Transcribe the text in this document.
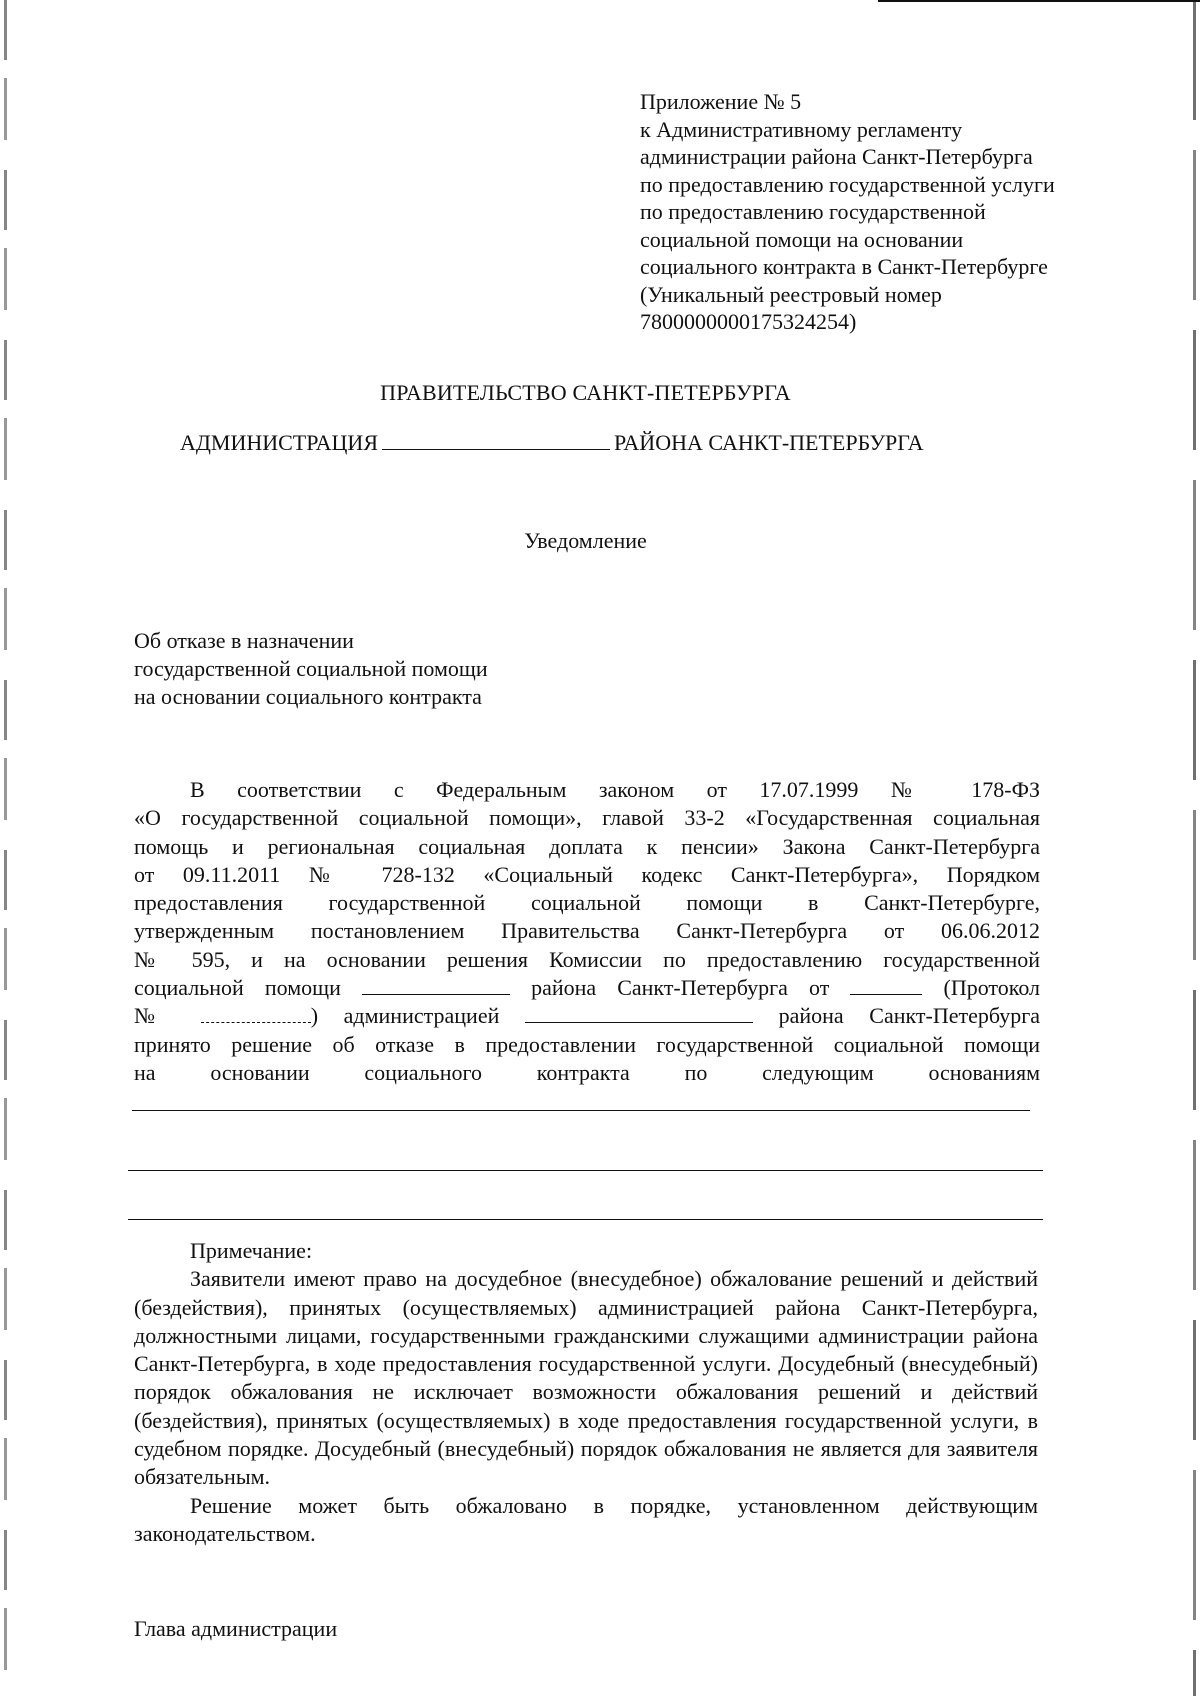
Приложение № 5
к Административному регламенту
администрации района Санкт-Петербурга
по предоставлению государственной услуги
по предоставлению государственной
социальной помощи на основании
социального контракта в Санкт-Петербурге
(Уникальный реестровый номер
7800000000175324254)
ПРАВИТЕЛЬСТВО САНКТ-ПЕТЕРБУРГА
АДМИНИСТРАЦИЯ	РАЙОНА САНКТ-ПЕТЕРБУРГА
Уведомление
Об отказе в назначении
государственной социальной помощи
на основании социального контракта

В соответствии с Федеральным законом от 17.07.1999 № 178-ФЗ

«О государственной социальной помощи», главой 33-2 «Государственная социальная

помощь и региональная социальная доплата к пенсии» Закона Санкт-Петербурга

от 09.11.2011 № 728-132 «Социальный кодекс Санкт-Петербурга», Порядком

предоставления государственной социальной помощи в Санкт-Петербурге,

утвержденным постановлением Правительства Санкт-Петербурга от 06.06.2012

№ 595, и на основании решения Комиссии по предоставлению государственной

социальной помощи	района Санкт-Петербурга от	(Протокол

№	) администрацией	района Санкт-Петербурга

принято решение об отказе в предоставлении государственной социальной помощи

на основании социального контракта по следующим основаниям

Примечание:

Заявители имеют право на досудебное (внесудебное) обжалование решений и действий (бездействия), принятых (осуществляемых) администрацией района Санкт-Петербурга, должностными лицами, государственными гражданскими служащими администрации района Санкт-Петербурга, в ходе предоставления государственной услуги. Досудебный (внесудебный) порядок обжалования не исключает возможности обжалования решений и действий (бездействия), принятых (осуществляемых) в ходе предоставления государственной услуги, в судебном порядке. Досудебный (внесудебный) порядок обжалования не является для заявителя обязательным.

Решение может быть обжаловано в порядке, установленном действующим законодательством.

Глава администрации
